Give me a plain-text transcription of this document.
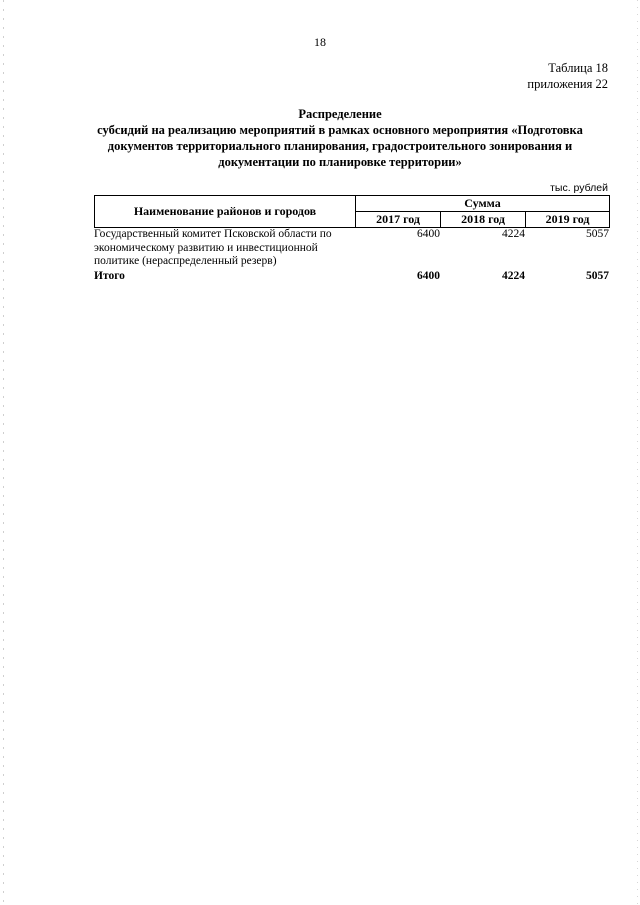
18
Таблица 18
приложения 22
Распределение
субсидий на реализацию мероприятий в рамках основного мероприятия «Подготовка
документов территориального планирования, градостроительного зонирования и
документации по планировке территории»
тыс. рублей
Наименование районов и городов	Сумма		
	2017 год	2018 год	2019 год
Государственный комитет Псковской области по экономическому развитию и инвестиционной политике (нераспределенный резерв)	6400	4224	5057
Итого	6400	4224	5057
